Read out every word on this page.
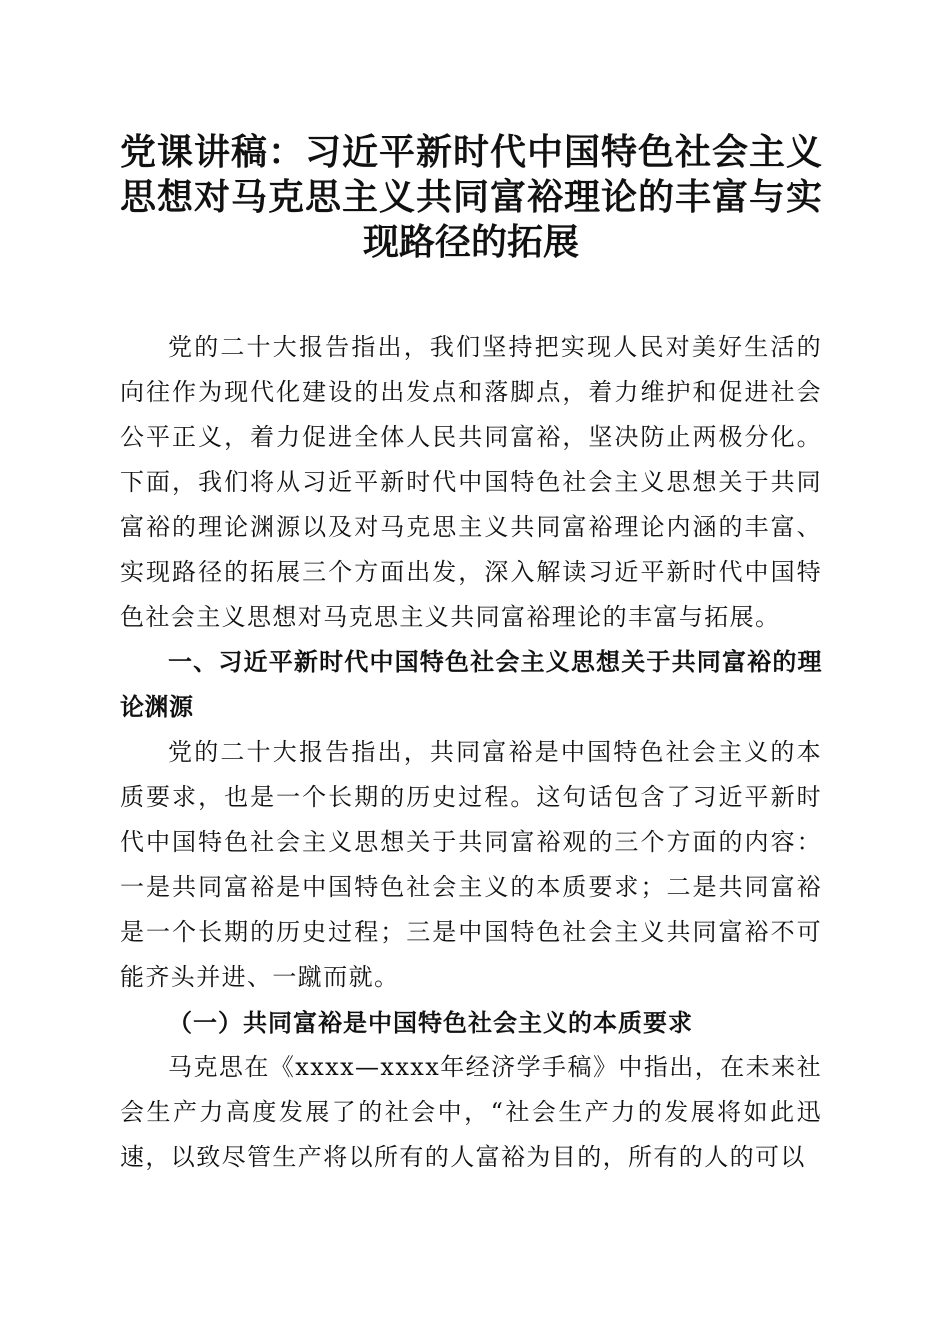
党课讲稿：习近平新时代中国特色社会主义思想对马克思主义共同富裕理论的丰富与实现路径的拓展

党的二十大报告指出，我们坚持把实现人民对美好生活的向往作为现代化建设的出发点和落脚点，着力维护和促进社会公平正义，着力促进全体人民共同富裕，坚决防止两极分化。下面，我们将从习近平新时代中国特色社会主义思想关于共同富裕的理论渊源以及对马克思主义共同富裕理论内涵的丰富、实现路径的拓展三个方面出发，深入解读习近平新时代中国特色社会主义思想对马克思主义共同富裕理论的丰富与拓展。

一、习近平新时代中国特色社会主义思想关于共同富裕的理论渊源

党的二十大报告指出，共同富裕是中国特色社会主义的本质要求，也是一个长期的历史过程。这句话包含了习近平新时代中国特色社会主义思想关于共同富裕观的三个方面的内容：一是共同富裕是中国特色社会主义的本质要求；二是共同富裕是一个长期的历史过程；三是中国特色社会主义共同富裕不可能齐头并进、一蹴而就。

（一）共同富裕是中国特色社会主义的本质要求

马克思在《xxxx—xxxx年经济学手稿》中指出，在未来社会生产力高度发展了的社会中，“社会生产力的发展将如此迅速，以致尽管生产将以所有的人富裕为目的，所有的人的可以
